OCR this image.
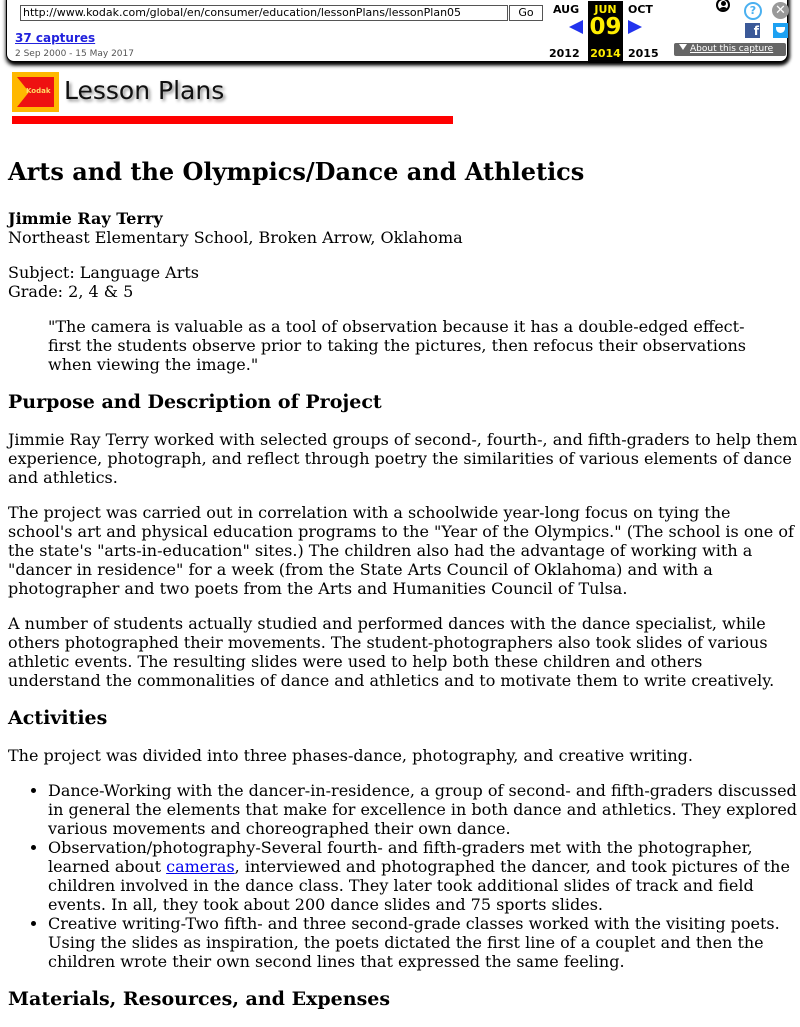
http://www.kodak.com/global/en/consumer/education/lessonPlans/lessonPlan05	Go
37 captures
2 Sep 2000 - 15 May 2017
AUG
2012
JUN
09
2014
OCT
2015
?	✕
f
About this capture
Kodak Lesson Plans
Arts and the Olympics/Dance and Athletics
Jimmie Ray Terry
Northeast Elementary School, Broken Arrow, Oklahoma
Subject: Language Arts
Grade: 2, 4 & 5
"The camera is valuable as a tool of observation because it has a double-edged effect-first the students observe prior to taking the pictures, then refocus their observations when viewing the image."
Purpose and Description of Project

Jimmie Ray Terry worked with selected groups of second-, fourth-, and fifth-graders to help them experience, photograph, and reflect through poetry the similarities of various elements of dance and athletics.

The project was carried out in correlation with a schoolwide year-long focus on tying the school's art and physical education programs to the "Year of the Olympics." (The school is one of the state's "arts-in-education" sites.) The children also had the advantage of working with a "dancer in residence" for a week (from the State Arts Council of Oklahoma) and with a photographer and two poets from the Arts and Humanities Council of Tulsa.

A number of students actually studied and performed dances with the dance specialist, while others photographed their movements. The student-photographers also took slides of various athletic events. The resulting slides were used to help both these children and others understand the commonalities of dance and athletics and to motivate them to write creatively.

Activities

The project was divided into three phases-dance, photography, and creative writing.

• Dance-Working with the dancer-in-residence, a group of second- and fifth-graders discussed in general the elements that make for excellence in both dance and athletics. They explored various movements and choreographed their own dance.
• Observation/photography-Several fourth- and fifth-graders met with the photographer, learned about cameras, interviewed and photographed the dancer, and took pictures of the children involved in the dance class. They later took additional slides of track and field events. In all, they took about 200 dance slides and 75 sports slides.
• Creative writing-Two fifth- and three second-grade classes worked with the visiting poets. Using the slides as inspiration, the poets dictated the first line of a couplet and then the children wrote their own second lines that expressed the same feeling.
Materials, Resources, and Expenses
